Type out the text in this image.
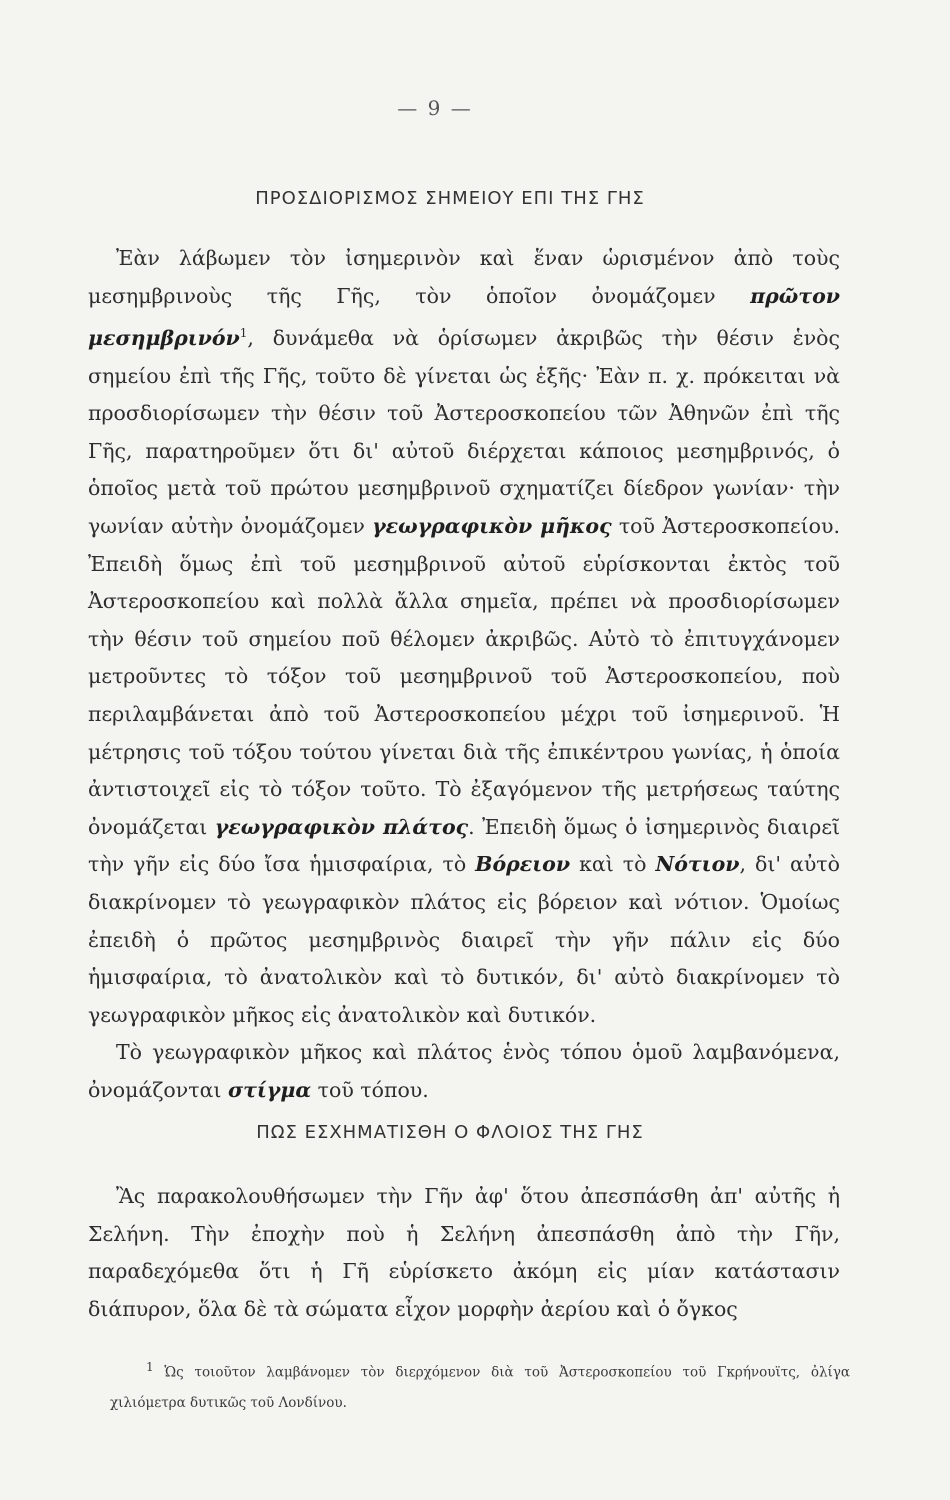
— 9 —
ΠΡΟΣΔΙΟΡΙΣΜΟΣ ΣΗΜΕΙΟΥ ΕΠΙ ΤΗΣ ΓΗΣ

Ἐὰν λάβωμεν τὸν ἰσημερινὸν καὶ ἕναν ὡρισμένον ἀπὸ τοὺς μεσημβρινοὺς τῆς Γῆς, τὸν ὁποῖον ὀνομάζομεν πρῶτον μεσημβρινόν$^1$, δυνάμεθα νὰ ὁρίσωμεν ἀκριβῶς τὴν θέσιν ἑνὸς σημείου ἐπὶ τῆς Γῆς, τοῦτο δὲ γίνεται ὡς ἑξῆς· Ἐὰν π. χ. πρόκειται νὰ προσδιορίσωμεν τὴν θέσιν τοῦ Ἀστεροσκοπείου τῶν Ἀθηνῶν ἐπὶ τῆς Γῆς, παρατηροῦμεν ὅτι δι' αὐτοῦ διέρχεται κάποιος μεσημβρινός, ὁ ὁποῖος μετὰ τοῦ πρώτου μεσημβρινοῦ σχηματίζει δίεδρον γωνίαν· τὴν γωνίαν αὐτὴν ὀνομάζομεν γεωγραφικὸν μῆκος τοῦ Ἀστεροσκοπείου. Ἐπειδὴ ὅμως ἐπὶ τοῦ μεσημβρινοῦ αὐτοῦ εὑρίσκονται ἐκτὸς τοῦ Ἀστεροσκοπείου καὶ πολλὰ ἄλλα σημεῖα, πρέπει νὰ προσδιορίσωμεν τὴν θέσιν τοῦ σημείου ποῦ θέλομεν ἀκριβῶς. Αὐτὸ τὸ ἐπιτυγχάνομεν μετροῦντες τὸ τόξον τοῦ μεσημβρινοῦ τοῦ Ἀστεροσκοπείου, ποὺ περιλαμβάνεται ἀπὸ τοῦ Ἀστεροσκοπείου μέχρι τοῦ ἰσημερινοῦ. Ἡ μέτρησις τοῦ τόξου τούτου γίνεται διὰ τῆς ἐπικέντρου γωνίας, ἡ ὁποία ἀντιστοιχεῖ εἰς τὸ τόξον τοῦτο. Τὸ ἐξαγόμενον τῆς μετρήσεως ταύτης ὀνομάζεται γεωγραφικὸν πλάτος. Ἐπειδὴ ὅμως ὁ ἰσημερινὸς διαιρεῖ τὴν γῆν εἰς δύο ἴσα ἡμισφαίρια, τὸ Βόρειον καὶ τὸ Νότιον, δι' αὐτὸ διακρίνομεν τὸ γεωγραφικὸν πλάτος εἰς βόρειον καὶ νότιον. Ὁμοίως ἐπειδὴ ὁ πρῶτος μεσημβρινὸς διαιρεῖ τὴν γῆν πάλιν εἰς δύο ἡμισφαίρια, τὸ ἀνατολικὸν καὶ τὸ δυτικόν, δι' αὐτὸ διακρίνομεν τὸ γεωγραφικὸν μῆκος εἰς ἀνατολικὸν καὶ δυτικόν.

Τὸ γεωγραφικὸν μῆκος καὶ πλάτος ἑνὸς τόπου ὁμοῦ λαμβανόμενα, ὀνομάζονται στίγμα τοῦ τόπου.

ΠΩΣ ΕΣΧΗΜΑΤΙΣΘΗ Ο ΦΛΟΙΟΣ ΤΗΣ ΓΗΣ

Ἂς παρακολουθήσωμεν τὴν Γῆν ἀφ' ὅτου ἀπεσπάσθη ἀπ' αὐτῆς ἡ Σελήνη. Τὴν ἐποχὴν ποὺ ἡ Σελήνη ἀπεσπάσθη ἀπὸ τὴν Γῆν, παραδεχόμεθα ὅτι ἡ Γῆ εὑρίσκετο ἀκόμη εἰς μίαν κατάστασιν διάπυρον, ὅλα δὲ τὰ σώματα εἶχον μορφὴν ἀερίου καὶ ὁ ὄγκος

$^1$ Ὡς τοιοῦτον λαμβάνομεν τὸν διερχόμενον διὰ τοῦ Ἀστεροσκοπείου τοῦ Γκρήνουϊτς, ὀλίγα χιλιόμετρα δυτικῶς τοῦ Λονδίνου.
